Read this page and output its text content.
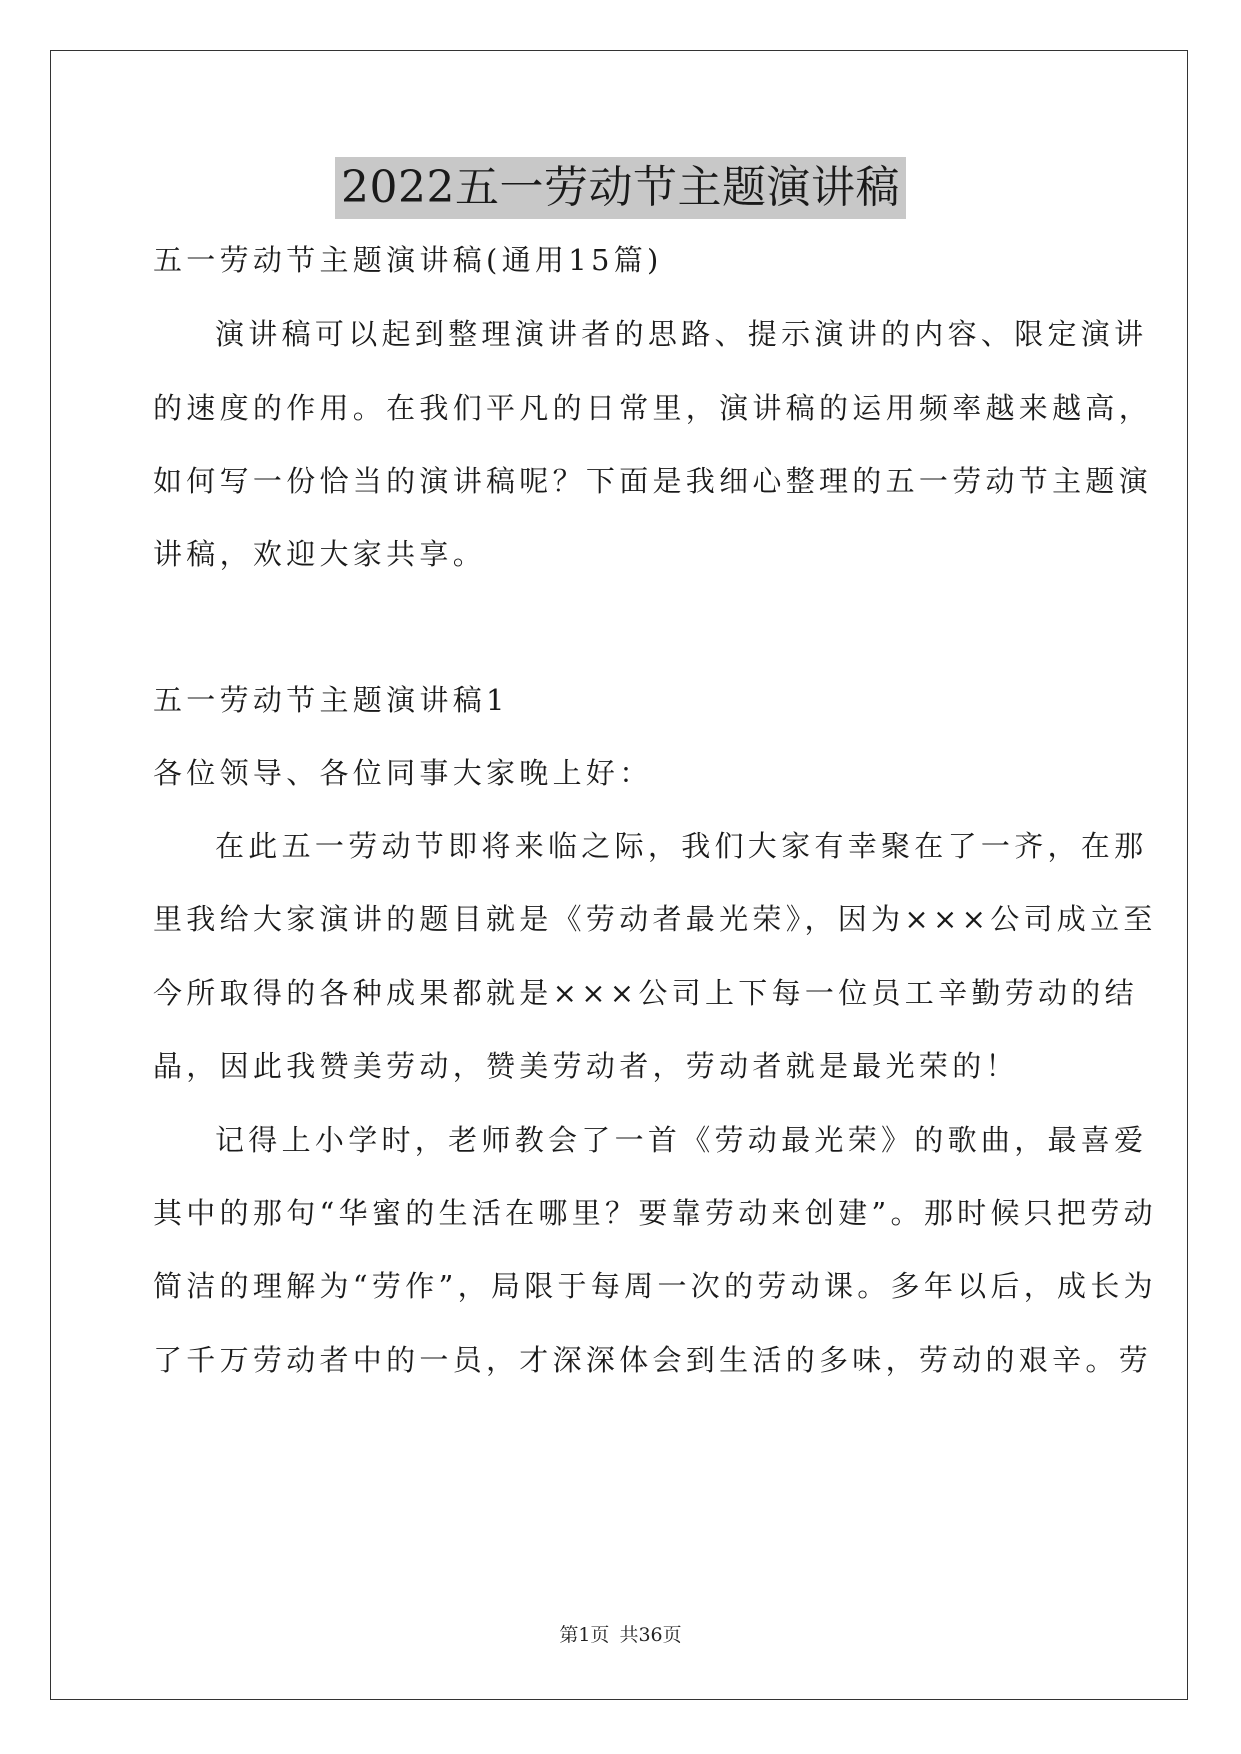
2022五一劳动节主题演讲稿
五一劳动节主题演讲稿(通用15篇)
演讲稿可以起到整理演讲者的思路、提示演讲的内容、限定演讲
的速度的作用。在我们平凡的日常里，演讲稿的运用频率越来越高，
如何写一份恰当的演讲稿呢？下面是我细心整理的五一劳动节主题演
讲稿，欢迎大家共享。
五一劳动节主题演讲稿1
各位领导、各位同事大家晚上好：
在此五一劳动节即将来临之际，我们大家有幸聚在了一齐，在那
里我给大家演讲的题目就是《劳动者最光荣》，因为×××公司成立至
今所取得的各种成果都就是×××公司上下每一位员工辛勤劳动的结
晶，因此我赞美劳动，赞美劳动者，劳动者就是最光荣的！
记得上小学时，老师教会了一首《劳动最光荣》的歌曲，最喜爱
其中的那句“华蜜的生活在哪里？要靠劳动来创建”。那时候只把劳动
简洁的理解为“劳作”，局限于每周一次的劳动课。多年以后，成长为
了千万劳动者中的一员，才深深体会到生活的多味，劳动的艰辛。劳
第1页 共36页
